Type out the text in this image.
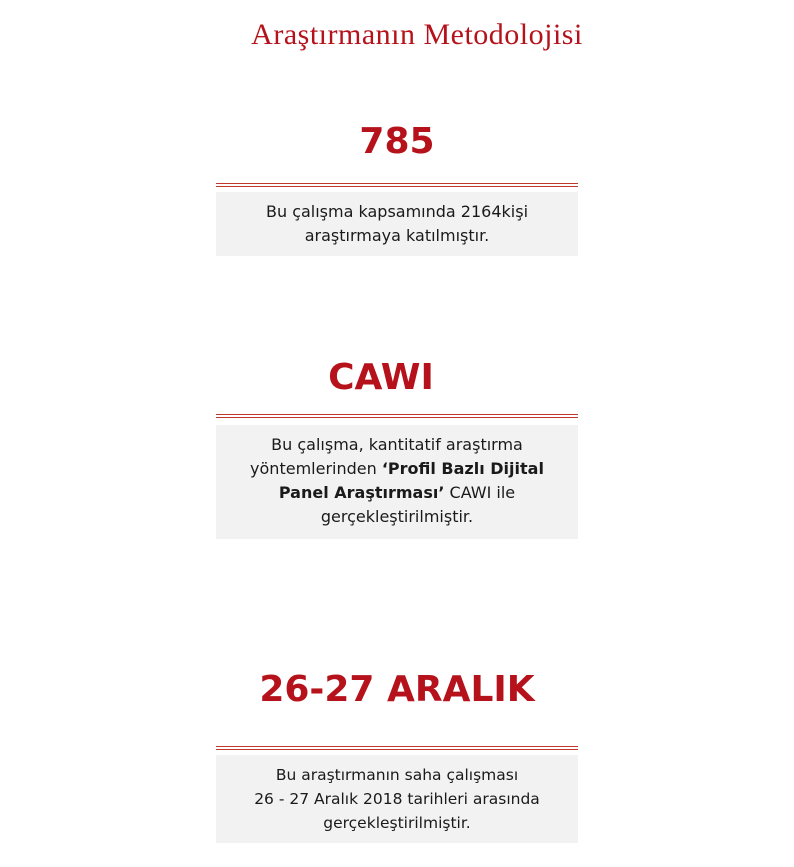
Araştırmanın Metodolojisi
785
Bu çalışma kapsamında 2164kişi
araştırmaya katılmıştır.
CAWI
Bu çalışma, kantitatif araştırma
yöntemlerinden ‘Profil Bazlı Dijital
Panel Araştırması’ CAWI ile
gerçekleştirilmiştir.
26-27 ARALIK
Bu araştırmanın saha çalışması
26 - 27 Aralık 2018 tarihleri arasında
gerçekleştirilmiştir.
